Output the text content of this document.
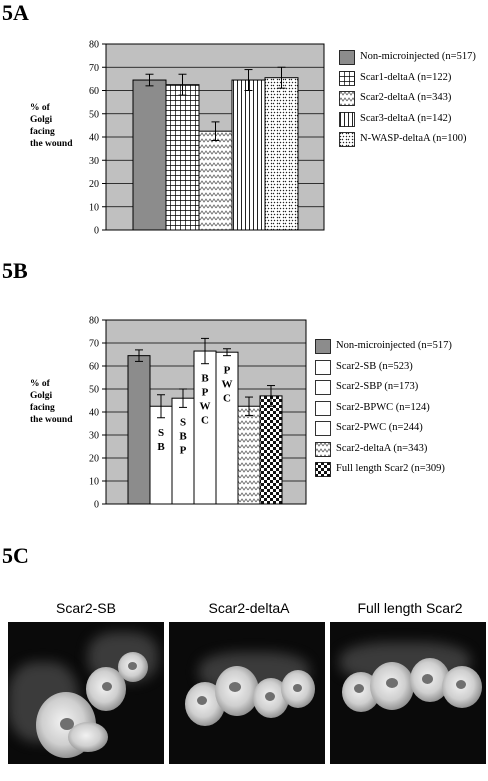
5A
5B
5C
% of
Golgi
facing
the wound
% of
Golgi
facing
the wound
0
10
20
30
40
50
60
70
80
0
10
20
30
40
50
60
70
80
S
B
S
B
P
B
P
W
C
P
W
C
Non-microinjected (n=517)
Scar1-deltaA (n=122)
Scar2-deltaA (n=343)
Scar3-deltaA (n=142)
N-WASP-deltaA (n=100)
Non-microinjected (n=517)
Scar2-SB (n=523)
Scar2-SBP (n=173)
Scar2-BPWC (n=124)
Scar2-PWC (n=244)
Scar2-deltaA (n=343)
Full length Scar2 (n=309)
Scar2-SB	Scar2-deltaA	Full length Scar2
